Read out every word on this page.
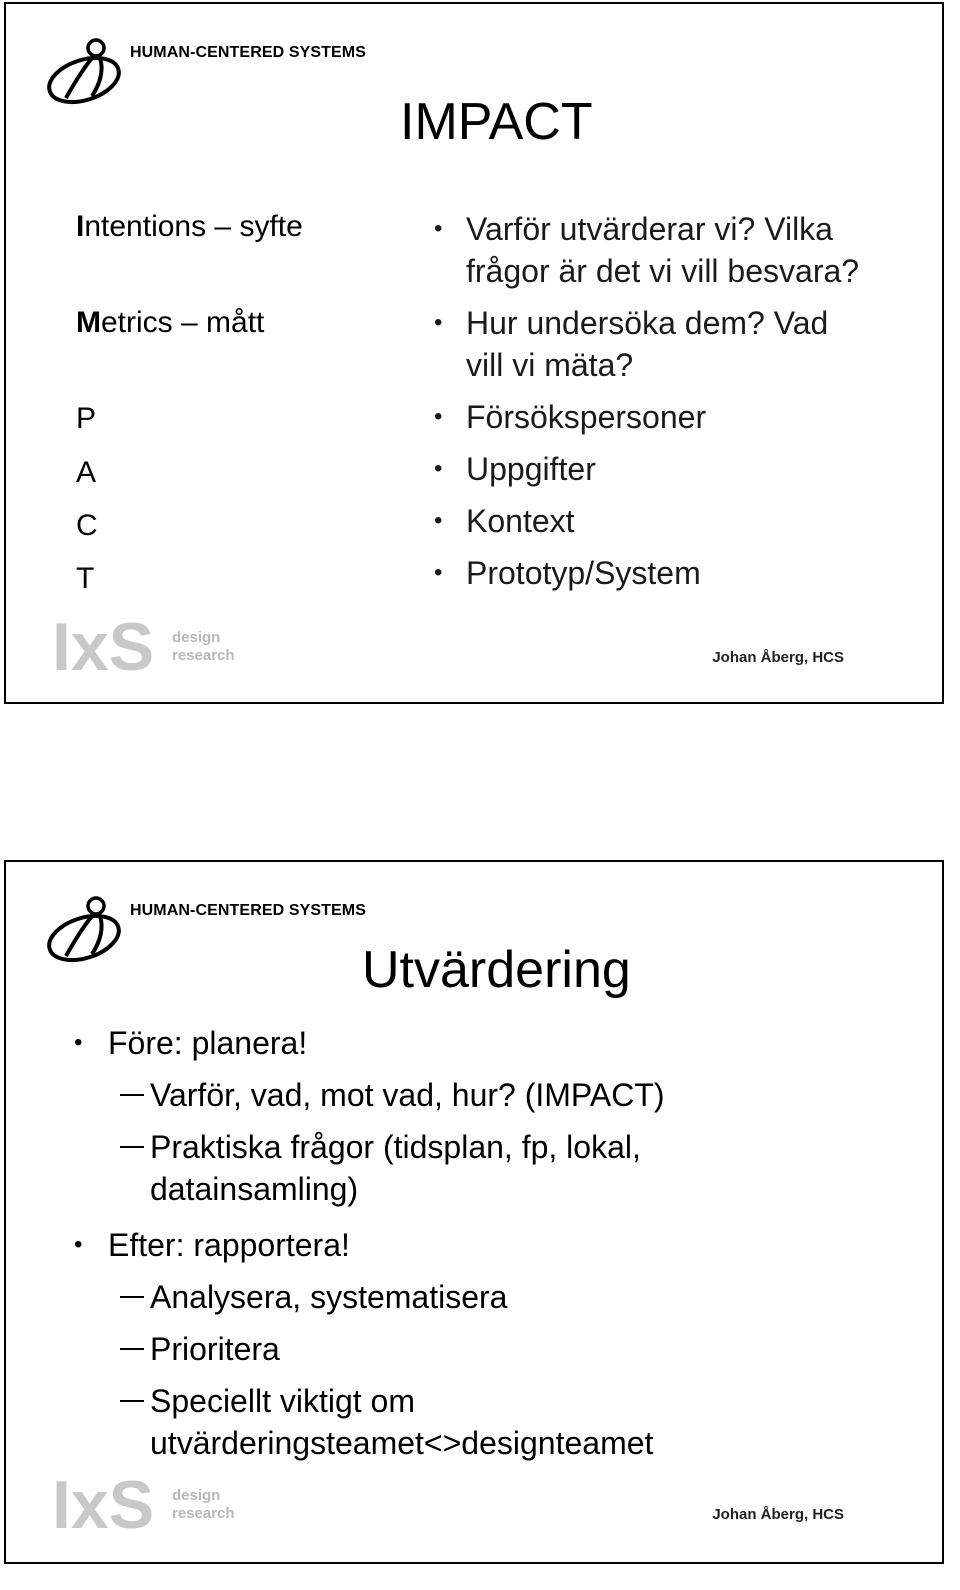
HUMAN-CENTERED SYSTEMS
IMPACT
Intentions – syfte
Metrics – mått
P
A
C
T
• Varför utvärderar vi? Vilka frågor är det vi vill besvara?
• Hur undersöka dem? Vad vill vi mäta?
• Försökspersoner
• Uppgifter
• Kontext
• Prototyp/System
IxS design
research	Johan Åberg, HCS
HUMAN-CENTERED SYSTEMS
Utvärdering
• Före: planera!
Varför, vad, mot vad, hur? (IMPACT)
Praktiska frågor (tidsplan, fp, lokal,
datainsamling)
• Efter: rapportera!
Analysera, systematisera
Prioritera
Speciellt viktigt om
utvärderingsteamet<>designteamet
IxS design
research	Johan Åberg, HCS
